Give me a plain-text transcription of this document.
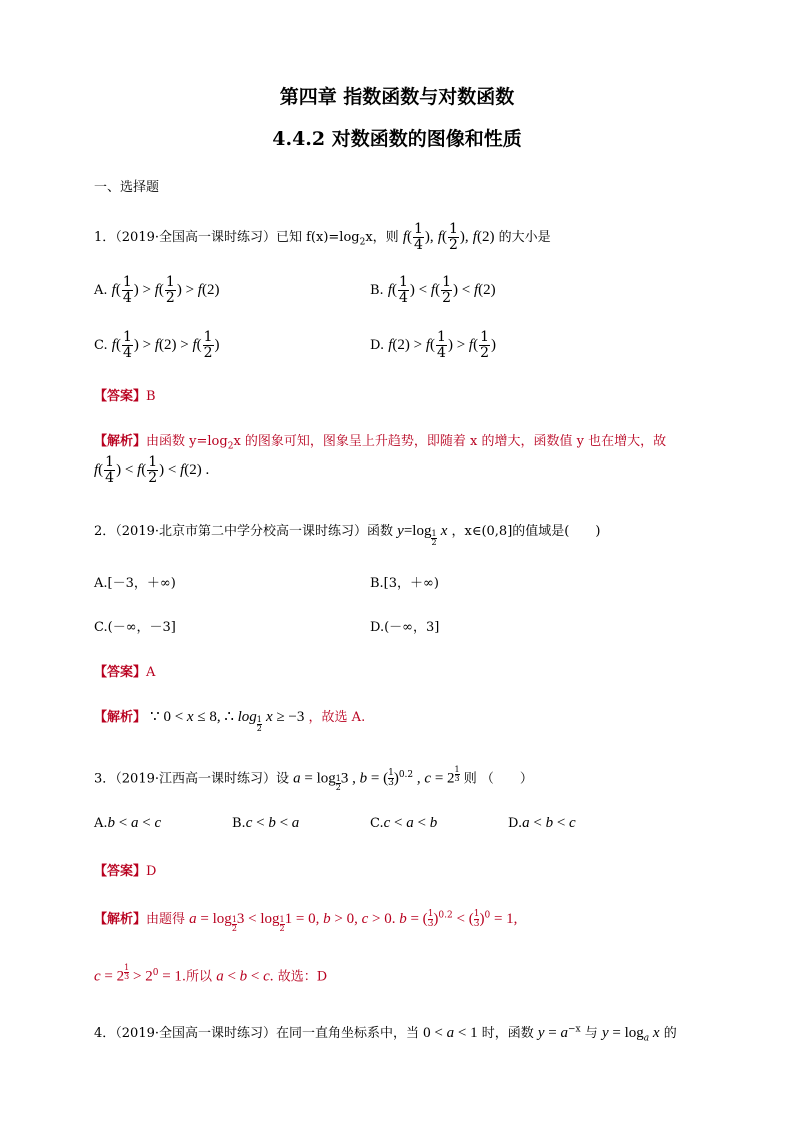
第四章 指数函数与对数函数
4.4.2 对数函数的图像和性质
一、选择题
1．（2019·全国高一课时练习）已知 $f(x)=\log_2x$，则 $f( \frac{1}{4}$ ), $f( \frac{1}{2}$ ), f(2) 的大小是
A. $f( \frac{1}{4}$ ) > $f( \frac{1}{2}$ ) > f(2)	B. $f( \frac{1}{4}$ ) < $f( \frac{1}{2}$ ) < f(2)
C. $f( \frac{1}{4}$ ) > $f(2) > f( \frac{1}{2}$ )	D. $f(2) > f( \frac{1}{4}$ ) > $f( \frac{1}{2}$ )
【答案】B
【解析】由函数 $y=\log_2x$ 的图象可知，图象呈上升趋势，即随着 x 的增大，函数值 y 也在增大，故
$f( \frac{1}{4}$ ) < $f( \frac{1}{2}$ ) < f(2) .
2．（2019·北京市第二中学分校高一课时练习）函数 $y=\log \frac{1}{2}$ x ，x∈(0,8]的值域是(　　)
A.[－3，＋∞)	B.[3，＋∞)
C.(－∞，－3]	D.(－∞，3]
【答案】A
【解析】 ∵ 0 < x ≤ 8, ∴ $\log \frac{1}{2}$ x ≥ −3 ，故选 A.
3．（2019·江西高一课时练习）设 a = log $_{\frac{1}{2}}$3 , b = ( $\frac{1}{3})^{0.2}$ , c = 2 $^{\frac{1}{3}}$ 则 （　　）
A.b < a < c	B.c < b < a	C.c < a < b	D.a < b < c
【答案】D
【解析】由题得 a = log $_{\frac{1}{2}}$3 < log $_{\frac{1}{2}}$1 = 0, b > 0, c > 0. b = ( $\frac{1}{3})^{0.2}$ < ( $\frac{1}{3})^0 = 1$,
c = 2 $^{\frac{1}{3}} > 2^0 = 1$.所以 a < b < c. 故选：D
4．（2019·全国高一课时练习）在同一直角坐标系中，当 0 < a < 1 时，函数 $y = a^{-x}$ 与 $y = \log_a x$ 的
